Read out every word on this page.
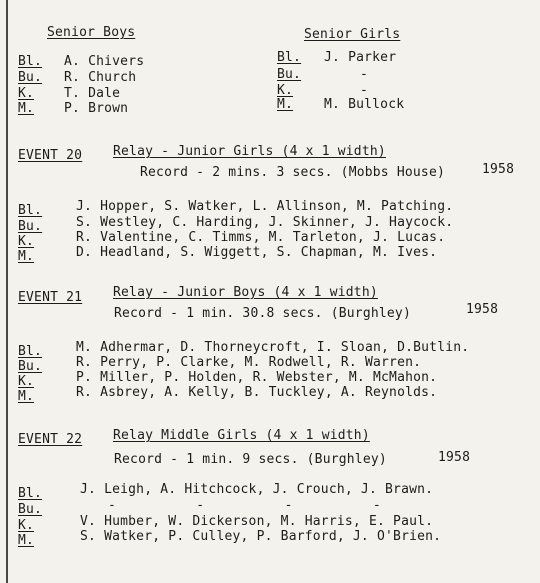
Senior Boys	Senior Girls
Bl. A. Chivers	Bl. J. Parker
Bu. R. Church	Bu.	-
K. T. Dale	K.	-
M. P. Brown	M. M. Bullock
EVENT 20 Relay - Junior Girls (4 x 1 width)
Record - 2 mins. 3 secs. (Mobbs House)	1958
Bl.	J. Hopper, S. Watker, L. Allinson, M. Patching.
Bu.	S. Westley, C. Harding, J. Skinner, J. Haycock.
K.	R. Valentine, C. Timms, M. Tarleton, J. Lucas.
M.	D. Headland, S. Wiggett, S. Chapman, M. Ives.
EVENT 21 Relay - Junior Boys (4 x 1 width)
Record - 1 min. 30.8 secs. (Burghley)	1958
Bl.	M. Adhermar, D. Thorneycroft, I. Sloan, D.Butlin.
Bu.	R. Perry, P. Clarke, M. Rodwell, R. Warren.
K.	P. Miller, P. Holden, R. Webster, M. McMahon.
M.	R. Asbrey, A. Kelly, B. Tuckley, A. Reynolds.
EVENT 22 Relay Middle Girls (4 x 1 width)
Record - 1 min. 9 secs. (Burghley)	1958
Bl.	J. Leigh, A. Hitchcock, J. Crouch, J. Brawn.
Bu.	-          -          -          -
K.	V. Humber, W. Dickerson, M. Harris, E. Paul.
M.	S. Watker, P. Culley, P. Barford, J. O'Brien.
